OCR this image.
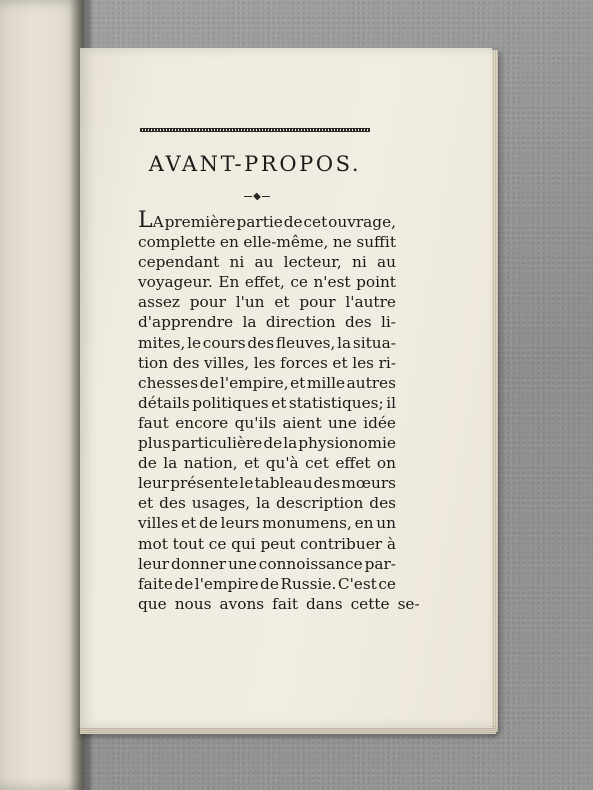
AVANT-PROPOS.
LA première partie de cet ouvrage,
complette en elle-même, ne suffit
cependant ni au lecteur, ni au
voyageur. En effet, ce n'est point
assez pour l'un et pour l'autre
d'apprendre la direction des li-
mites, le cours des fleuves, la situa-
tion des villes, les forces et les ri-
chesses de l'empire, et mille autres
détails politiques et statistiques; il
faut encore qu'ils aient une idée
plus particulière de la physionomie
de la nation, et qu'à cet effet on
leur présente le tableau des mœurs
et des usages, la description des
villes et de leurs monumens, en un
mot tout ce qui peut contribuer à
leur donner une connoissance par-
faite de l'empire de Russie. C'est ce
que nous avons fait dans cette se-
